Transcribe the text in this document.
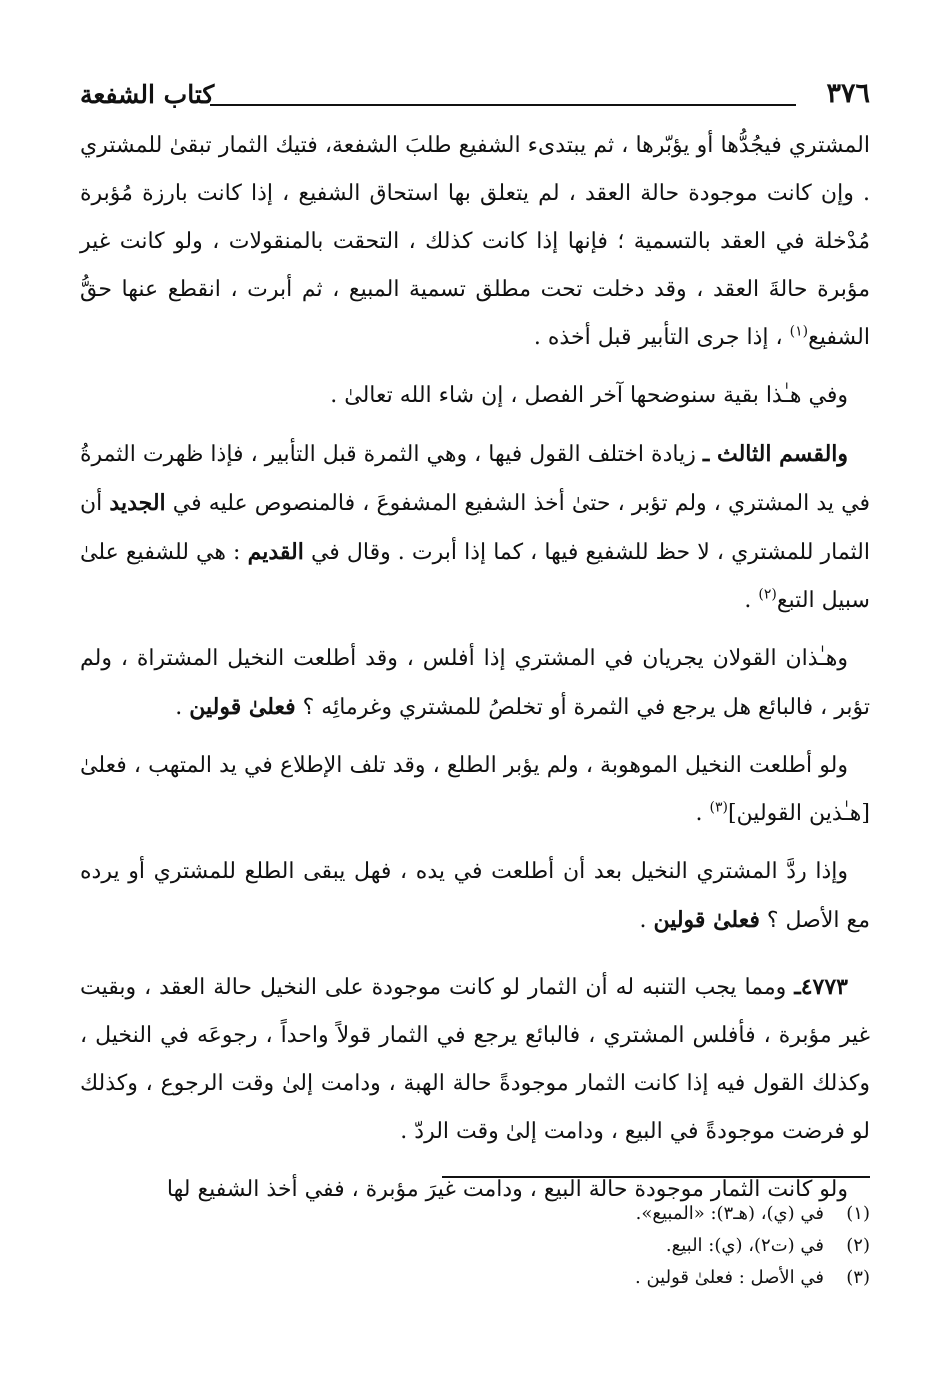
٣٧٦
كتاب الشفعة

المشتري فيجُدُّها أو يؤبّرها ، ثم يبتدىء الشفيع طلبَ الشفعة، فتيك الثمار تبقىٰ للمشتري . وإن كانت موجودة حالة العقد ، لم يتعلق بها استحاق الشفيع ، إذا كانت بارزة مُؤبرة مُدْخلة في العقد بالتسمية ؛ فإنها إذا كانت كذلك ، التحقت بالمنقولات ، ولو كانت غير مؤبرة حالةَ العقد ، وقد دخلت تحت مطلق تسمية المبيع ، ثم أبرت ، انقطع عنها حقُّ الشفيع$^{(١)}$ ، إذا جرى التأبير قبل أخذه .

وفي هـٰذا بقية سنوضحها آخر الفصل ، إن شاء الله تعالىٰ .

والقسم الثالث ـ زيادة اختلف القول فيها ، وهي الثمرة قبل التأبير ، فإذا ظهرت الثمرةُ في يد المشتري ، ولم تؤبر ، حتىٰ أخذ الشفيع المشفوعَ ، فالمنصوص عليه في الجديد أن الثمار للمشتري ، لا حظ للشفيع فيها ، كما إذا أبرت . وقال في القديم : هي للشفيع علىٰ سبيل التبع$^{(٢)}$ .

وهـٰذان القولان يجريان في المشتري إذا أفلس ، وقد أطلعت النخيل المشتراة ، ولم تؤبر ، فالبائع هل يرجع في الثمرة أو تخلصُ للمشتري وغرمائِه ؟ فعلىٰ قولين .

ولو أطلعت النخيل الموهوبة ، ولم يؤبر الطلع ، وقد تلف الإطلاع في يد المتهب ، فعلىٰ [هـٰذين القولين]$^{(٣)}$ .

وإذا ردَّ المشتري النخيل بعد أن أطلعت في يده ، فهل يبقى الطلع للمشتري أو يرده مع الأصل ؟ فعلىٰ قولين .

٤٧٧٣ـ ومما يجب التنبه له أن الثمار لو كانت موجودة على النخيل حالة العقد ، وبقيت غير مؤبرة ، فأفلس المشتري ، فالبائع يرجع في الثمار قولاً واحداً ، رجوعَه في النخيل ، وكذلك القول فيه إذا كانت الثمار موجودةً حالة الهبة ، ودامت إلىٰ وقت الرجوع ، وكذلك لو فرضت موجودةً في البيع ، ودامت إلىٰ وقت الردّ .

ولو كانت الثمار موجودة حالة البيع ، ودامت غيرَ مؤبرة ، ففي أخذ الشفيع لها

(١)
في (ي)، (هـ٣): «المبيع».
(٢)
في (ت٢)، (ي): البيع.
(٣)
في الأصل : فعلىٰ قولين .
